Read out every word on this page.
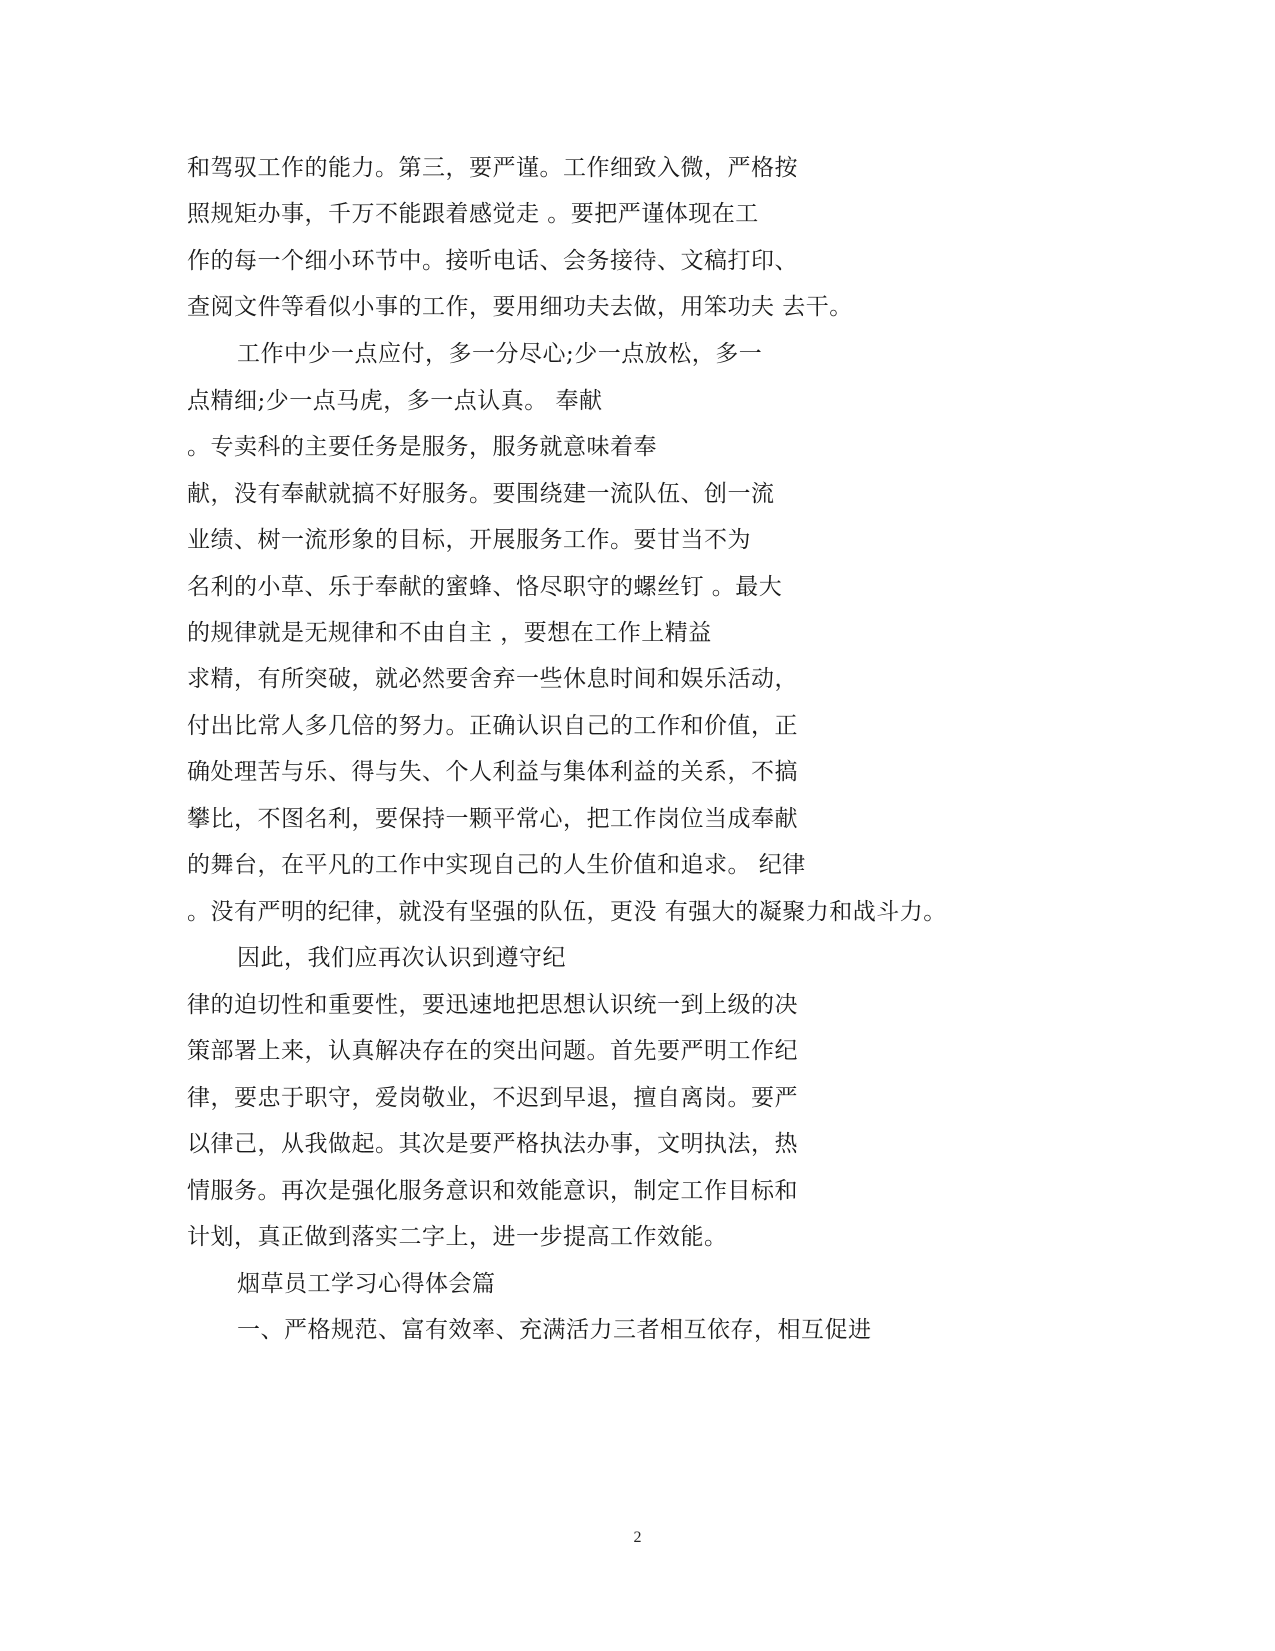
和驾驭工作的能力。第三，要严谨。工作细致入微，严格按
照规矩办事，千万不能跟着感觉走 。要把严谨体现在工
作的每一个细小环节中。接听电话、会务接待、文稿打印、
查阅文件等看似小事的工作，要用细功夫去做，用笨功夫 去干。
工作中少一点应付，多一分尽心;少一点放松，多一
点精细;少一点马虎，多一点认真。 奉献
。专卖科的主要任务是服务，服务就意味着奉
献，没有奉献就搞不好服务。要围绕建一流队伍、创一流
业绩、树一流形象的目标，开展服务工作。要甘当不为
名利的小草、乐于奉献的蜜蜂、恪尽职守的螺丝钉 。最大
的规律就是无规律和不由自主 ，要想在工作上精益
求精，有所突破，就必然要舍弃一些休息时间和娱乐活动，
付出比常人多几倍的努力。正确认识自己的工作和价值，正
确处理苦与乐、得与失、个人利益与集体利益的关系，不搞
攀比，不图名利，要保持一颗平常心，把工作岗位当成奉献
的舞台，在平凡的工作中实现自己的人生价值和追求。 纪律
。没有严明的纪律，就没有坚强的队伍，更没 有强大的凝聚力和战斗力。
因此，我们应再次认识到遵守纪
律的迫切性和重要性，要迅速地把思想认识统一到上级的决
策部署上来，认真解决存在的突出问题。首先要严明工作纪
律，要忠于职守，爱岗敬业，不迟到早退，擅自离岗。要严
以律己，从我做起。其次是要严格执法办事，文明执法，热
情服务。再次是强化服务意识和效能意识，制定工作目标和
计划，真正做到落实二字上，进一步提高工作效能。
烟草员工学习心得体会篇
一、严格规范、富有效率、充满活力三者相互依存，相互促进
2
